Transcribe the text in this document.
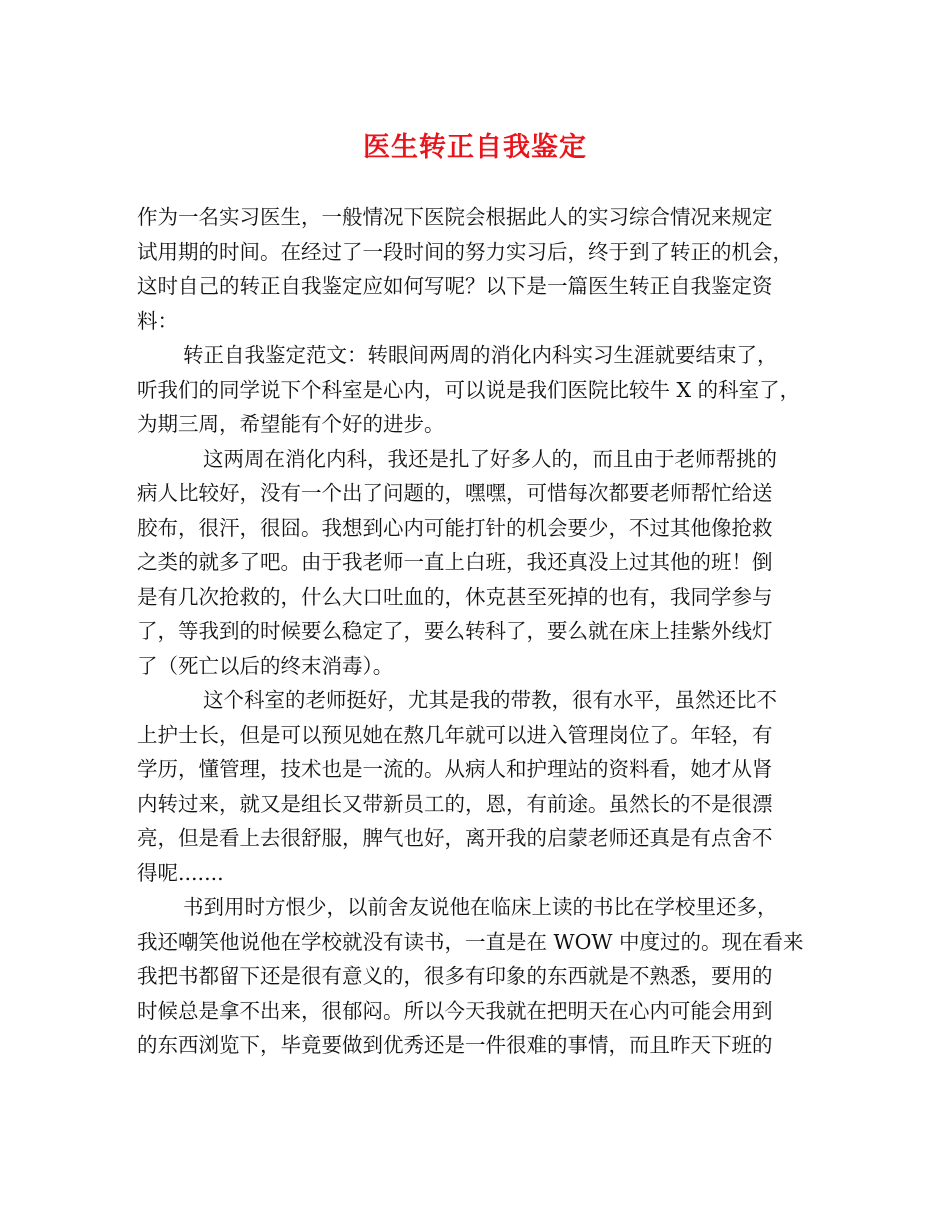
医生转正自我鉴定
作为一名实习医生，一般情况下医院会根据此人的实习综合情况来规定
试用期的时间。在经过了一段时间的努力实习后，终于到了转正的机会，
这时自己的转正自我鉴定应如何写呢？以下是一篇医生转正自我鉴定资
料：
转正自我鉴定范文：转眼间两周的消化内科实习生涯就要结束了，
听我们的同学说下个科室是心内，可以说是我们医院比较牛 X 的科室了，
为期三周，希望能有个好的进步。
这两周在消化内科，我还是扎了好多人的，而且由于老师帮挑的
病人比较好，没有一个出了问题的，嘿嘿，可惜每次都要老师帮忙给送
胶布，很汗，很囧。我想到心内可能打针的机会要少，不过其他像抢救
之类的就多了吧。由于我老师一直上白班，我还真没上过其他的班！倒
是有几次抢救的，什么大口吐血的，休克甚至死掉的也有，我同学参与
了，等我到的时候要么稳定了，要么转科了，要么就在床上挂紫外线灯
了（死亡以后的终末消毒）。
这个科室的老师挺好，尤其是我的带教，很有水平，虽然还比不
上护士长，但是可以预见她在熬几年就可以进入管理岗位了。年轻，有
学历，懂管理，技术也是一流的。从病人和护理站的资料看，她才从肾
内转过来，就又是组长又带新员工的，恩，有前途。虽然长的不是很漂
亮，但是看上去很舒服，脾气也好，离开我的启蒙老师还真是有点舍不
得呢.......
书到用时方恨少，以前舍友说他在临床上读的书比在学校里还多，
我还嘲笑他说他在学校就没有读书，一直是在 WOW 中度过的。现在看来
我把书都留下还是很有意义的，很多有印象的东西就是不熟悉，要用的
时候总是拿不出来，很郁闷。所以今天我就在把明天在心内可能会用到
的东西浏览下，毕竟要做到优秀还是一件很难的事情，而且昨天下班的
